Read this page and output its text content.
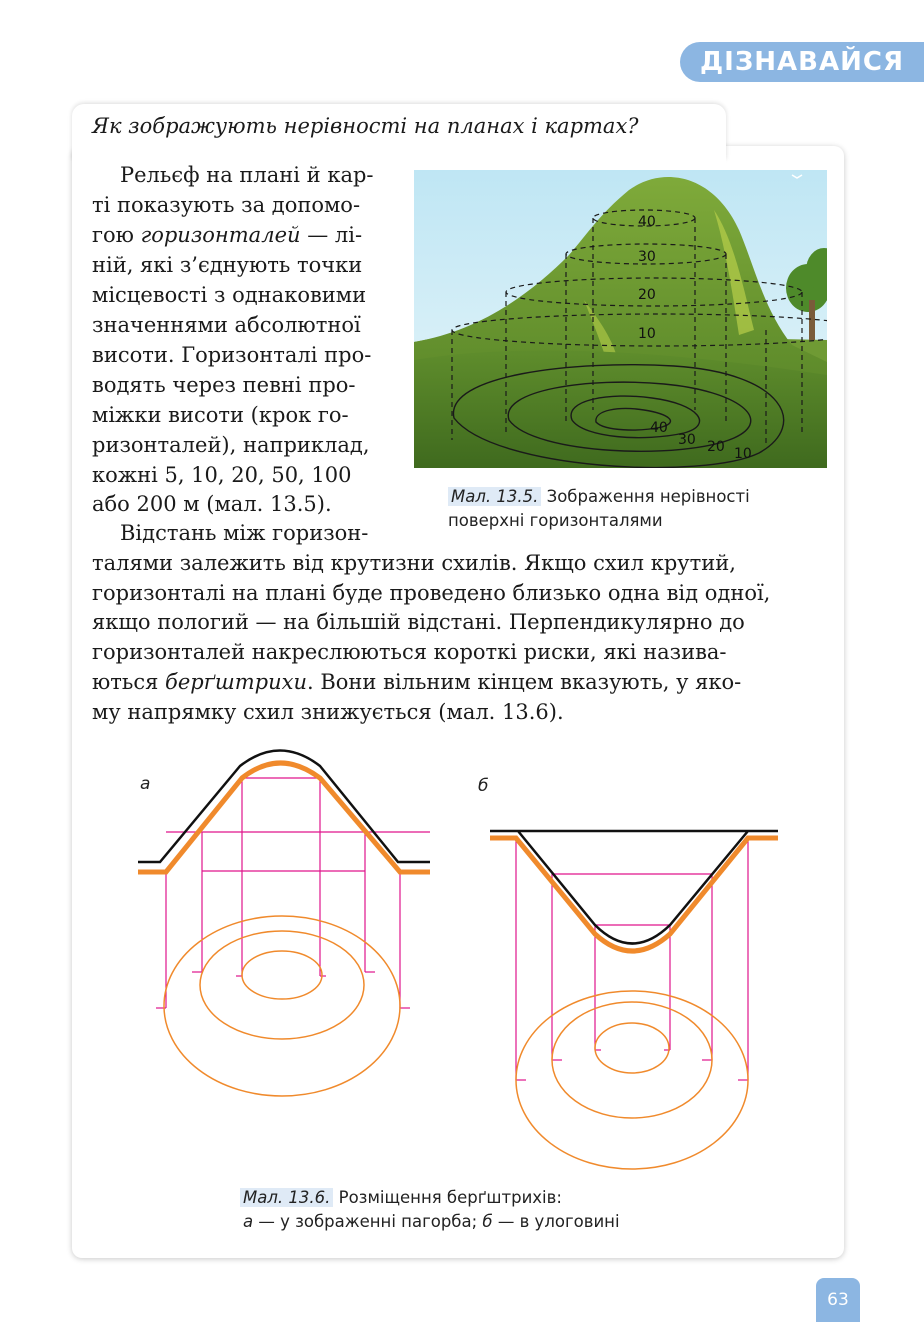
ДІЗНАВАЙСЯ
Як зображують нерівності на планах і картах?
Рельєф на плані й кар-
ті показують за допомо-
гою горизонталей — лі-
ній, які з’єднують точки
місцевості з однаковими
значеннями абсолютної
висоти. Горизонталі про-
водять через певні про-
міжки висоти (крок го-
ризонталей), наприклад,
кожні 5, 10, 20, 50, 100
або 200 м (мал. 13.5).
Відстань між горизон-
талями залежить від крутизни схилів. Якщо схил крутий,
горизонталі на плані буде проведено близько одна від одної,
якщо пологий — на більшій відстані. Перпендикулярно до
горизонталей накреслюються короткі риски, які назива-
ються берґштрихи. Вони вільним кінцем вказують, у яко-
му напрямку схил знижується (мал. 13.6).
40
30
20
10
40
30 20 10
Мал. 13.5. Зображення нерівності
поверхні горизонталями
а	б
Мал. 13.6. Розміщення берґштрихів:
а — у зображенні пагорба; б — в улоговині
63
